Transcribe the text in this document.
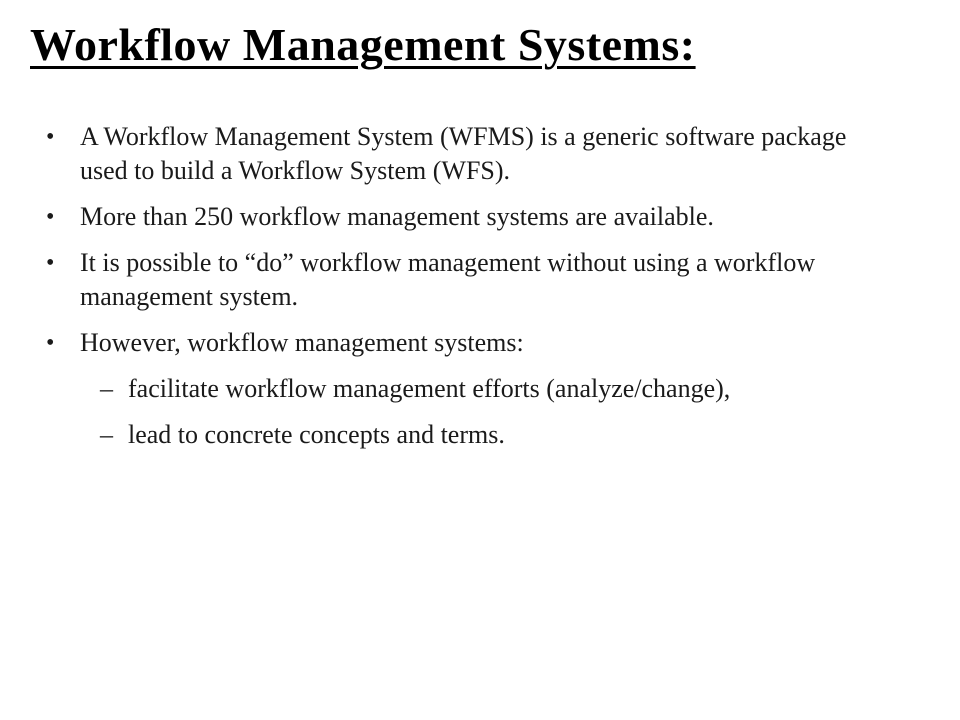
Workflow Management Systems:
• A Workflow Management System (WFMS) is a generic software package used to build a Workflow System (WFS).
• More than 250 workflow management systems are available.
• It is possible to “do” workflow management without using a workflow management system.
• However, workflow management systems:
– facilitate workflow management efforts (analyze/change),
– lead to concrete concepts and terms.
